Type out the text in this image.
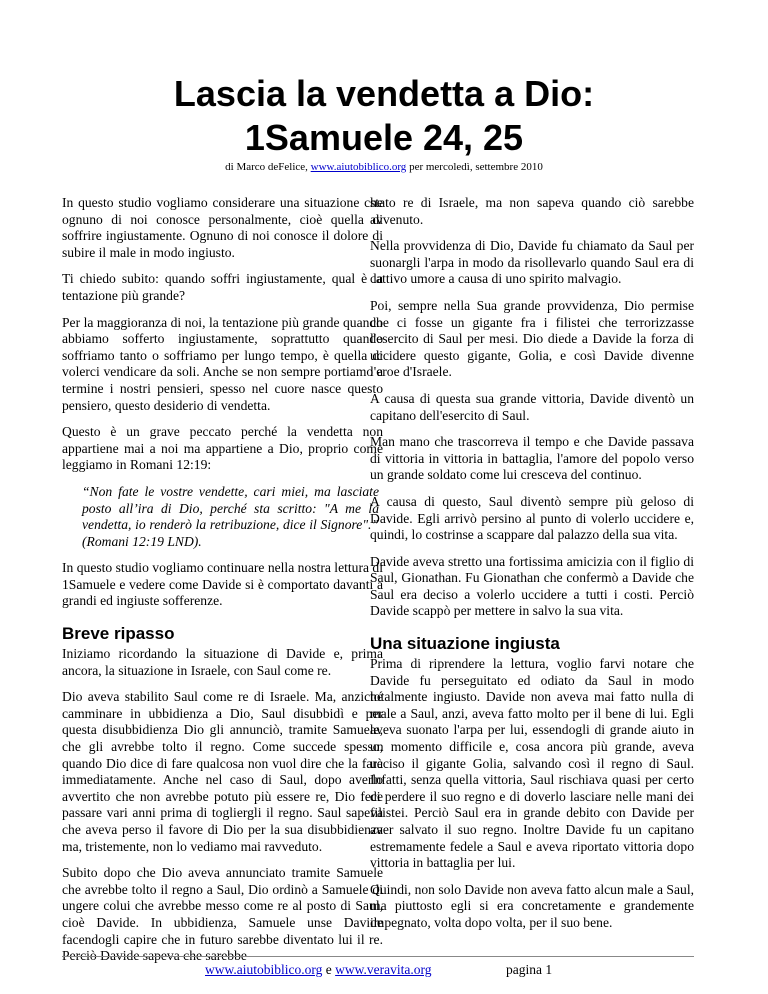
Lascia la vendetta a Dio:
1Samuele 24, 25
di Marco deFelice, www.aiutobiblico.org per mercoledì, settembre 2010

In questo studio vogliamo considerare una situazione che ognuno di noi conosce personalmente, cioè quella di soffrire ingiustamente. Ognuno di noi conosce il dolore di subire il male in modo ingiusto.

Ti chiedo subito: quando soffri ingiustamente, qual è la tentazione più grande?

Per la maggioranza di noi, la tentazione più grande quando abbiamo sofferto ingiustamente, soprattutto quando soffriamo tanto o soffriamo per lungo tempo, è quella di volerci vendicare da soli. Anche se non sempre portiamo a termine i nostri pensieri, spesso nel cuore nasce questo pensiero, questo desiderio di vendetta.

Questo è un grave peccato perché la vendetta non appartiene mai a noi ma appartiene a Dio, proprio come leggiamo in Romani 12:19:

“Non fate le vostre vendette, cari miei, ma lasciate posto all’ira di Dio, perché sta scritto: "A me la vendetta, io renderò la retribuzione, dice il Signore".” (Romani 12:19 LND).

In questo studio vogliamo continuare nella nostra lettura di 1Samuele e vedere come Davide si è comportato davanti a grandi ed ingiuste sofferenze.

Breve ripasso

Iniziamo ricordando la situazione di Davide e, prima ancora, la situazione in Israele, con Saul come re.

Dio aveva stabilito Saul come re di Israele. Ma, anziché camminare in ubbidienza a Dio, Saul disubbidì e per questa disubbidienza Dio gli annunciò, tramite Samuele, che gli avrebbe tolto il regno. Come succede spesso, quando Dio dice di fare qualcosa non vuol dire che la farà immediatamente. Anche nel caso di Saul, dopo averlo avvertito che non avrebbe potuto più essere re, Dio fece passare vari anni prima di togliergli il regno. Saul sapeva che aveva perso il favore di Dio per la sua disubbidienza ma, tristemente, non lo vediamo mai ravveduto.

Subito dopo che Dio aveva annunciato tramite Samuele che avrebbe tolto il regno a Saul, Dio ordinò a Samuele di ungere colui che avrebbe messo come re al posto di Saul, cioè Davide. In ubbidienza, Samuele unse Davide facendogli capire che in futuro sarebbe diventato lui il re. Perciò Davide sapeva che sarebbe

stato re di Israele, ma non sapeva quando ciò sarebbe avvenuto.

Nella provvidenza di Dio, Davide fu chiamato da Saul per suonargli l'arpa in modo da risollevarlo quando Saul era di cattivo umore a causa di uno spirito malvagio.

Poi, sempre nella Sua grande provvidenza, Dio permise che ci fosse un gigante fra i filistei che terrorizzasse l'esercito di Saul per mesi. Dio diede a Davide la forza di uccidere questo gigante, Golia, e così Davide divenne l'eroe d'Israele.

A causa di questa sua grande vittoria, Davide diventò un capitano dell'esercito di Saul.

Man mano che trascorreva il tempo e che Davide passava di vittoria in vittoria in battaglia, l'amore del popolo verso un grande soldato come lui cresceva del continuo.

A causa di questo, Saul diventò sempre più geloso di Davide. Egli arrivò persino al punto di volerlo uccidere e, quindi, lo costrinse a scappare dal palazzo della sua vita.

Davide aveva stretto una fortissima amicizia con il figlio di Saul, Gionathan. Fu Gionathan che confermò a Davide che Saul era deciso a volerlo uccidere a tutti i costi. Perciò Davide scappò per mettere in salvo la sua vita.

Una situazione ingiusta

Prima di riprendere la lettura, voglio farvi notare che Davide fu perseguitato ed odiato da Saul in modo totalmente ingiusto. Davide non aveva mai fatto nulla di male a Saul, anzi, aveva fatto molto per il bene di lui. Egli aveva suonato l'arpa per lui, essendogli di grande aiuto in un momento difficile e, cosa ancora più grande, aveva ucciso il gigante Golia, salvando così il regno di Saul. Infatti, senza quella vittoria, Saul rischiava quasi per certo di perdere il suo regno e di doverlo lasciare nelle mani dei filistei. Perciò Saul era in grande debito con Davide per aver salvato il suo regno. Inoltre Davide fu un capitano estremamente fedele a Saul e aveva riportato vittoria dopo vittoria in battaglia per lui.

Quindi, non solo Davide non aveva fatto alcun male a Saul, ma piuttosto egli si era concretamente e grandemente impegnato, volta dopo volta, per il suo bene.

www.aiutobiblico.org e www.veravita.org	pagina 1
